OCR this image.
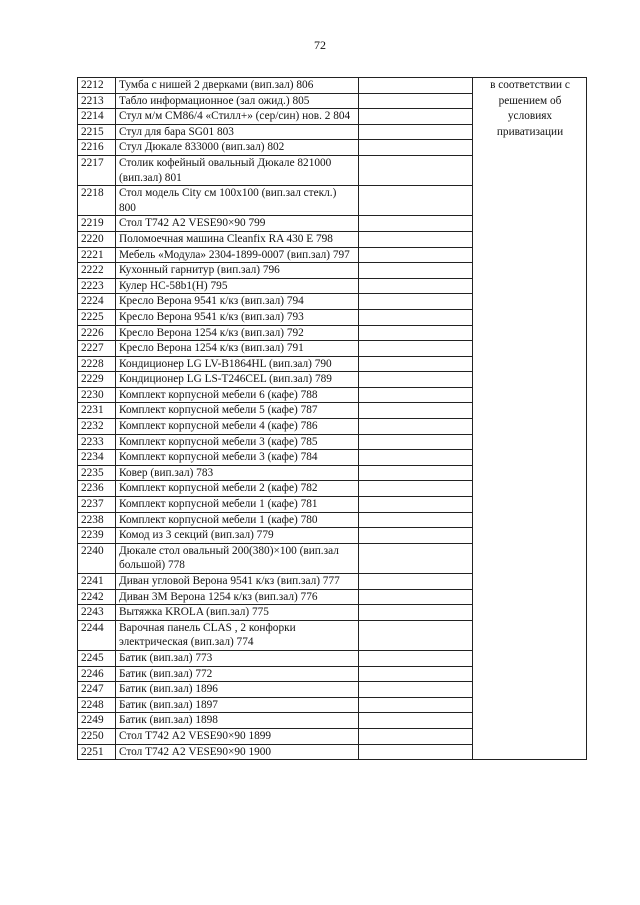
72
2212	Тумба с нишей 2 дверками (вип.зал) 806		в соответствии с решением об условиях приватизации
2213	Табло информационное (зал ожид.) 805		
2214	Стул м/м СМ86/4 «Стилл+» (сер/син) нов. 2 804		
2215	Стул для бара SG01 803		
2216	Стул Дюкале 833000 (вип.зал) 802		
2217	Столик кофейный овальный Дюкале 821000 (вип.зал) 801		
2218	Стол модель City см 100х100 (вип.зал стекл.) 800		
2219	Стол Т742 А2 VESE90×90 799		
2220	Поломоечная машина Cleanfix RA 430 E 798		
2221	Мебель «Модула» 2304-1899-0007 (вип.зал) 797		
2222	Кухонный гарнитур (вип.зал) 796		
2223	Кулер HC-58b1(H) 795		
2224	Кресло Верона 9541 к/кз (вип.зал) 794		
2225	Кресло Верона 9541 к/кз (вип.зал) 793		
2226	Кресло Верона 1254 к/кз (вип.зал) 792		
2227	Кресло Верона 1254 к/кз (вип.зал) 791		
2228	Кондиционер LG LV-B1864HL (вип.зал) 790		
2229	Кондиционер LG LS-T246CEL (вип.зал) 789		
2230	Комплект корпусной мебели 6 (кафе) 788		
2231	Комплект корпусной мебели 5 (кафе) 787		
2232	Комплект корпусной мебели 4 (кафе) 786		
2233	Комплект корпусной мебели 3 (кафе) 785		
2234	Комплект корпусной мебели 3 (кафе) 784		
2235	Ковер (вип.зал) 783		
2236	Комплект корпусной мебели 2 (кафе) 782		
2237	Комплект корпусной мебели 1 (кафе) 781		
2238	Комплект корпусной мебели 1 (кафе) 780		
2239	Комод из 3 секций (вип.зал) 779		
2240	Дюкале стол овальный 200(380)×100 (вип.зал большой) 778		
2241	Диван угловой Верона 9541 к/кз (вип.зал) 777		
2242	Диван 3М Верона 1254 к/кз (вип.зал) 776		
2243	Вытяжка KROLA (вип.зал) 775		
2244	Варочная панель CLAS , 2 конфорки электрическая (вип.зал) 774		
2245	Батик (вип.зал) 773		
2246	Батик (вип.зал) 772		
2247	Батик (вип.зал) 1896		
2248	Батик (вип.зал) 1897		
2249	Батик (вип.зал) 1898		
2250	Стол Т742 А2 VESE90×90 1899		
2251	Стол Т742 А2 VESE90×90 1900		
